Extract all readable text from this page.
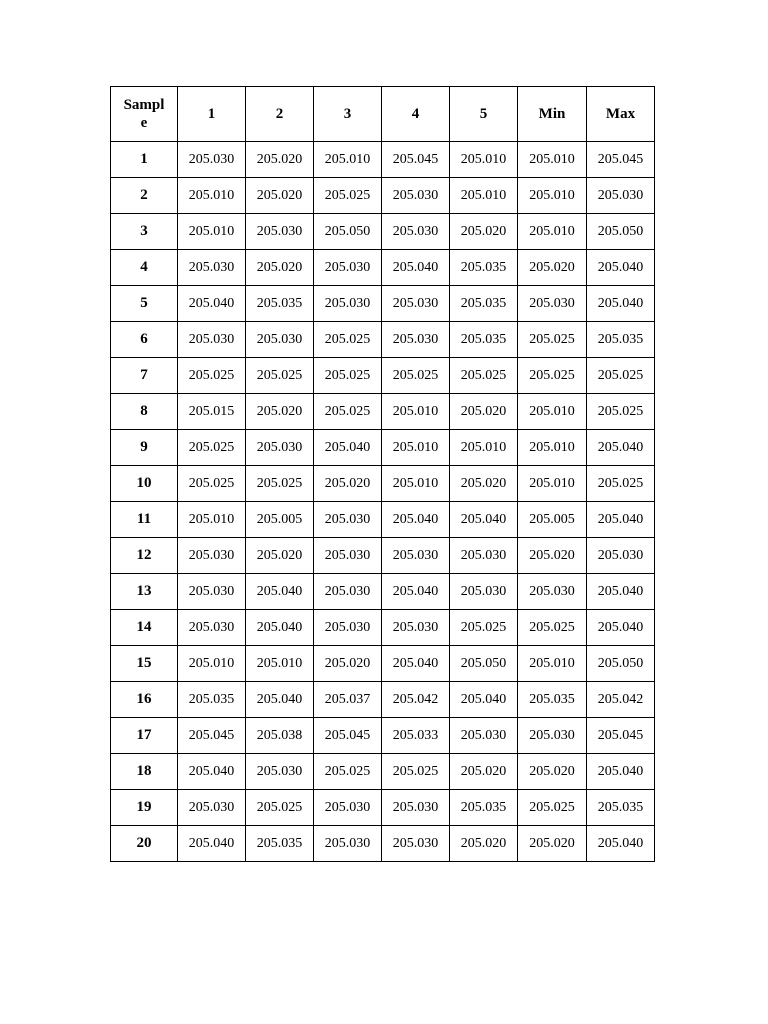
Sample	1	2	3	4	5	Min	Max
1	205.030	205.020	205.010	205.045	205.010	205.010	205.045

2	205.010	205.020	205.025	205.030	205.010	205.010	205.030

3	205.010	205.030	205.050	205.030	205.020	205.010	205.050

4	205.030	205.020	205.030	205.040	205.035	205.020	205.040

5	205.040	205.035	205.030	205.030	205.035	205.030	205.040

6	205.030	205.030	205.025	205.030	205.035	205.025	205.035

7	205.025	205.025	205.025	205.025	205.025	205.025	205.025

8	205.015	205.020	205.025	205.010	205.020	205.010	205.025

9	205.025	205.030	205.040	205.010	205.010	205.010	205.040

10	205.025	205.025	205.020	205.010	205.020	205.010	205.025

11	205.010	205.005	205.030	205.040	205.040	205.005	205.040

12	205.030	205.020	205.030	205.030	205.030	205.020	205.030

13	205.030	205.040	205.030	205.040	205.030	205.030	205.040

14	205.030	205.040	205.030	205.030	205.025	205.025	205.040

15	205.010	205.010	205.020	205.040	205.050	205.010	205.050

16	205.035	205.040	205.037	205.042	205.040	205.035	205.042

17	205.045	205.038	205.045	205.033	205.030	205.030	205.045

18	205.040	205.030	205.025	205.025	205.020	205.020	205.040

19	205.030	205.025	205.030	205.030	205.035	205.025	205.035

20	205.040	205.035	205.030	205.030	205.020	205.020	205.040
